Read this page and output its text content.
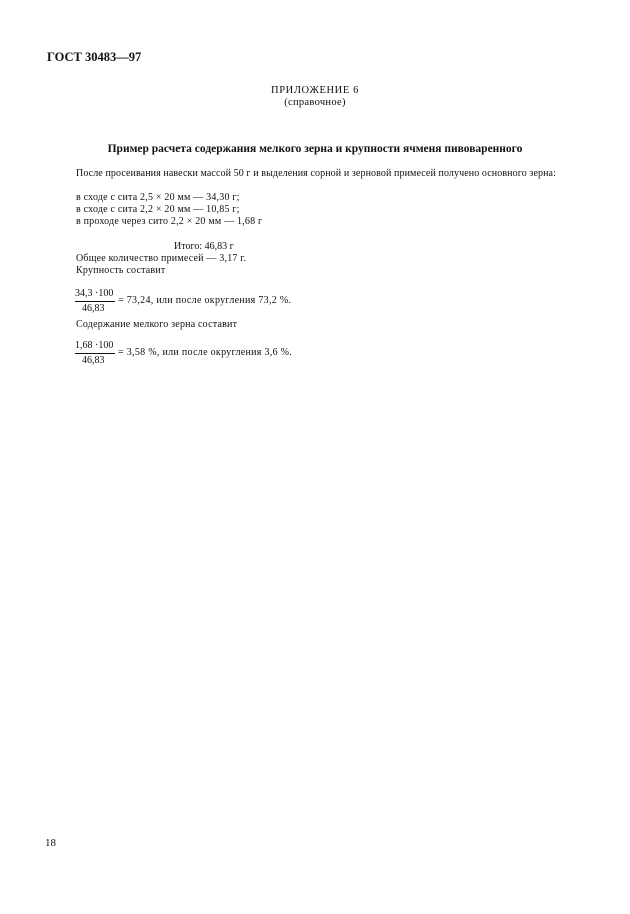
ГОСТ 30483—97
ПРИЛОЖЕНИЕ 6
(справочное)
Пример расчета содержания мелкого зерна и крупности ячменя пивоваренного
После просеивания навески массой 50 г и выделения сорной и зерновой примесей получено основного зерна:
в сходе с сита 2,5 × 20 мм — 34,30 г;
в сходе с сита 2,2 × 20 мм — 10,85 г;
в проходе через сито 2,2 × 20 мм — 1,68 г
Итого: 46,83 г
Общее количество примесей — 3,17 г.
Крупность составит
34,3 ·100
46,83
= 73,24, или после округления 73,2 %.
Содержание мелкого зерна составит
1,68 ·100
46,83
= 3,58 %, или после округления 3,6 %.
18
